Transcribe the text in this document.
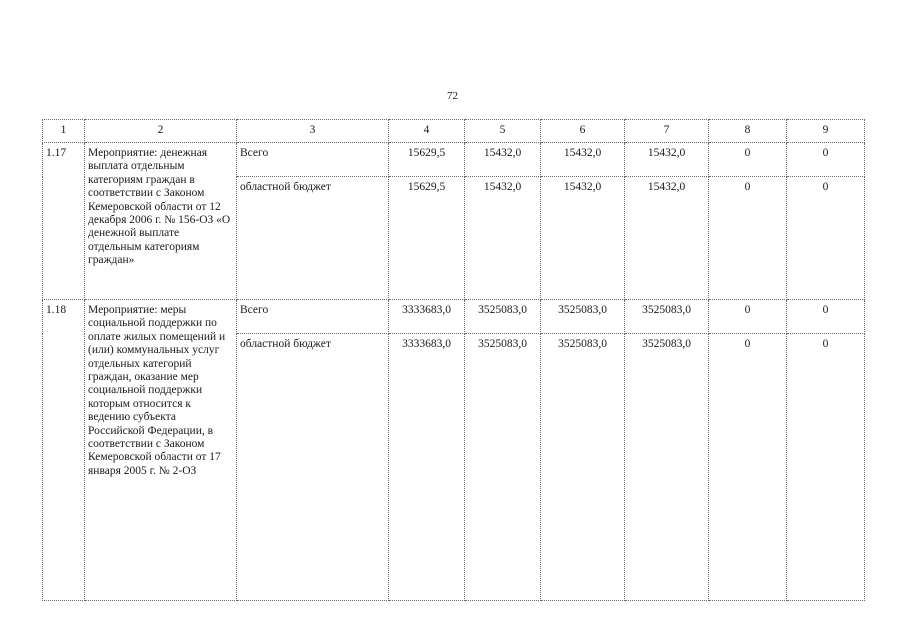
72
1	2	3	4	5	6	7	8	9
1.17	Мероприятие: денежная выплата отдельным категориям граждан в соответствии с Законом Кемеровской области от 12 декабря 2006 г. № 156-ОЗ «О денежной выплате отдельным категориям граждан»	Всего	15629,5	15432,0	15432,0	15432,0	0	0
		областной бюджет	15629,5	15432,0	15432,0	15432,0	0	0
1.18	Мероприятие: меры социальной поддержки по оплате жилых помещений и (или) коммунальных услуг отдельных категорий граждан, оказание мер социальной поддержки которым относится к ведению субъекта Российской Федерации, в соответствии с Законом Кемеровской области от 17 января 2005 г. № 2-ОЗ	Всего	3333683,0	3525083,0	3525083,0	3525083,0	0	0
		областной бюджет	3333683,0	3525083,0	3525083,0	3525083,0	0	0
